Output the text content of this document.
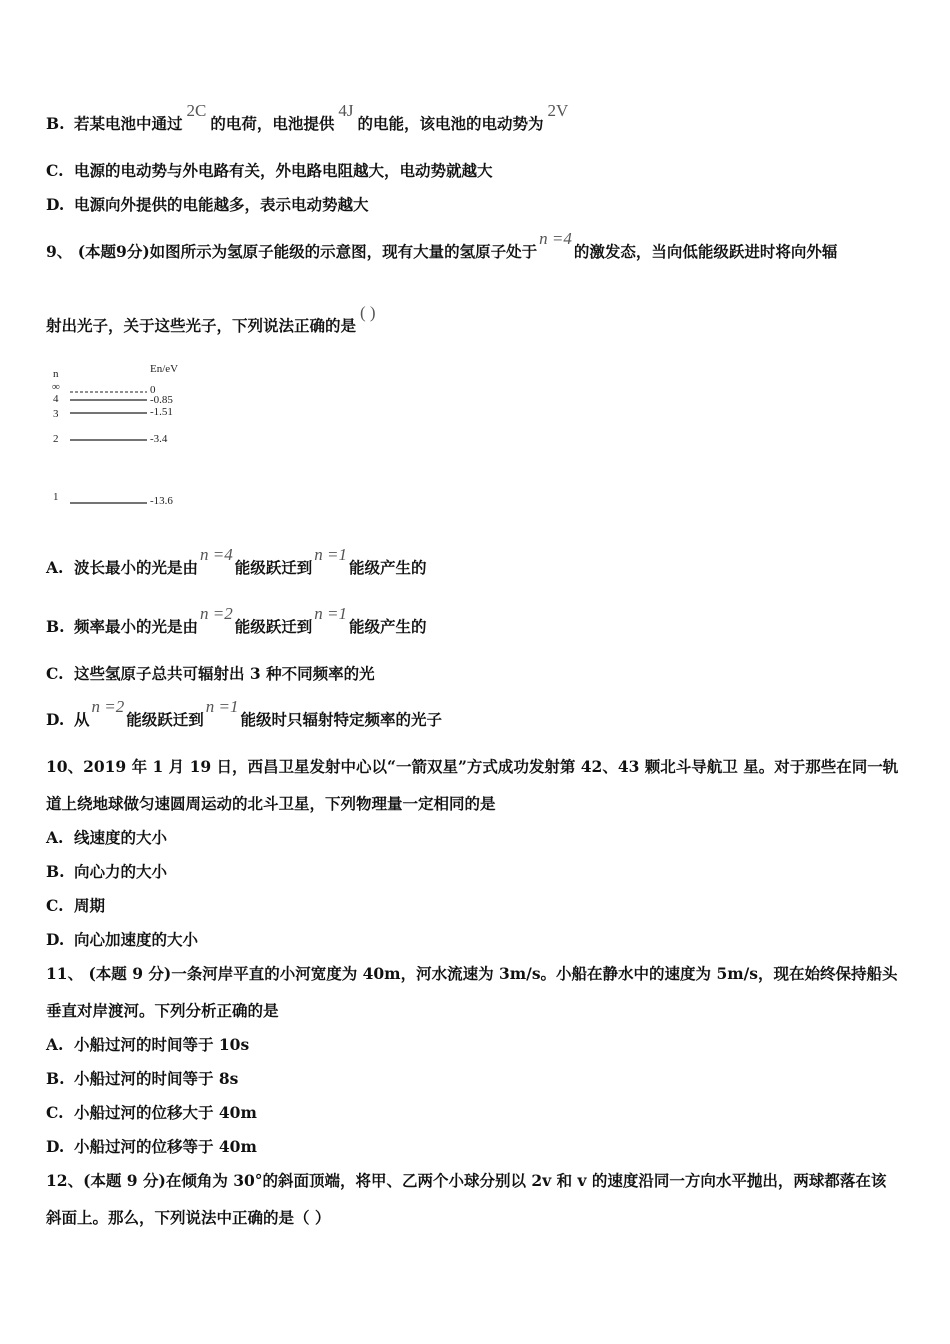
B. 若某电池中通过2C的电荷，电池提供4J的电能，该电池的电动势为2V
C. 电源的电动势与外电路有关，外电路电阻越大，电动势就越大
D. 电源向外提供的电能越多，表示电动势越大
9、 (本题9分)如图所示为氢原子能级的示意图，现有大量的氢原子处于n =4的激发态，当向低能级跃进时将向外辐
射出光子，关于这些光子，下列说法正确的是( )
n	En/eV
∞	0
4	-0.85
3	-1.51
2	-3.4
1	-13.6
A. 波长最小的光是由n =4能级跃迁到n =1能级产生的
B. 频率最小的光是由n =2能级跃迁到n =1能级产生的
C. 这些氢原子总共可辐射出 3 种不同频率的光
D. 从n =2能级跃迁到n =1能级时只辐射特定频率的光子
10、2019 年 1 月 19 日，西昌卫星发射中心以“一箭双星”方式成功发射第 42、43 颗北斗导航卫 星。对于那些在同一轨
道上绕地球做匀速圆周运动的北斗卫星，下列物理量一定相同的是
A. 线速度的大小
B. 向心力的大小
C. 周期
D. 向心加速度的大小
11、 (本题 9 分)一条河岸平直的小河宽度为 40m，河水流速为 3m/s。小船在静水中的速度为 5m/s，现在始终保持船头
垂直对岸渡河。下列分析正确的是
A. 小船过河的时间等于 10s
B. 小船过河的时间等于 8s
C. 小船过河的位移大于 40m
D. 小船过河的位移等于 40m
12、(本题 9 分)在倾角为 30°的斜面顶端，将甲、乙两个小球分别以 2v 和 v 的速度沿同一方向水平抛出，两球都落在该
斜面上。那么，下列说法中正确的是（ ）
